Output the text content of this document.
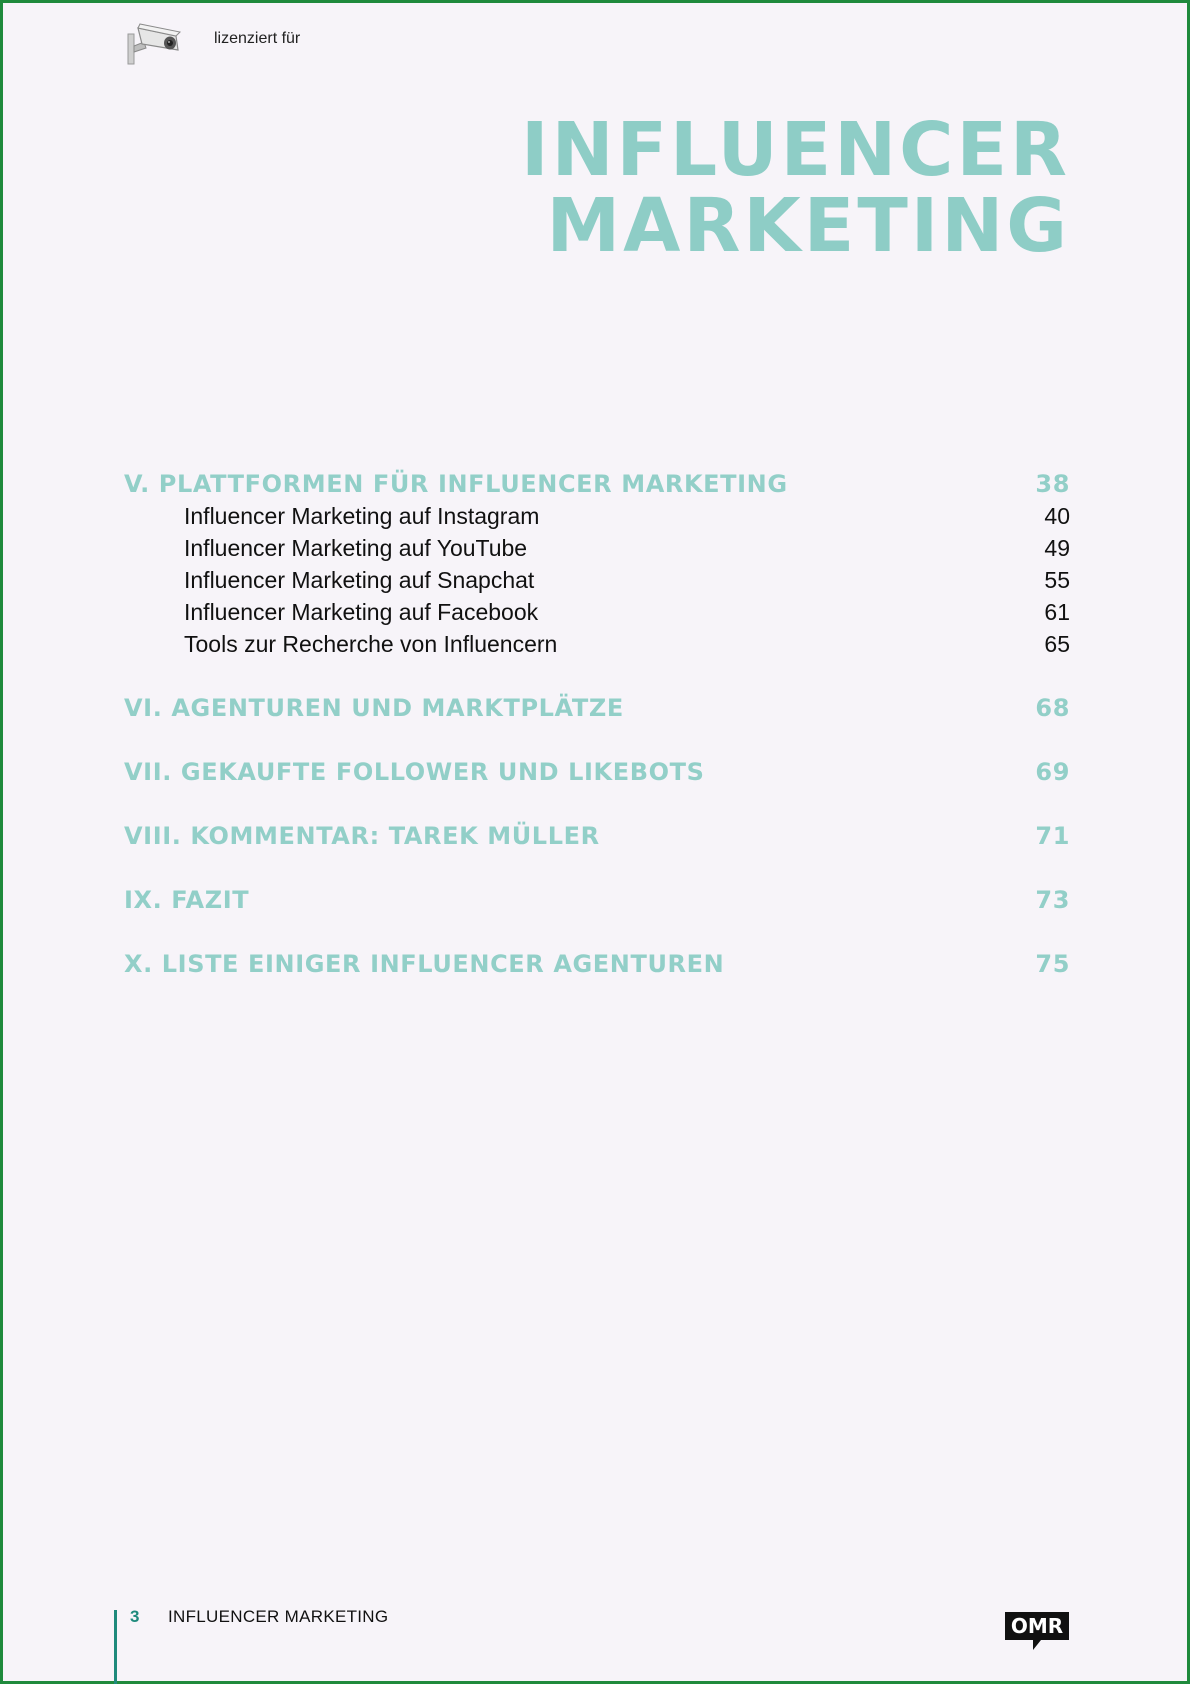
lizenziert für
INFLUENCER
MARKETING
V. PLATTFORMEN FÜR INFLUENCER MARKETING	38
Influencer Marketing auf Instagram	40
Influencer Marketing auf YouTube	49
Influencer Marketing auf Snapchat	55
Influencer Marketing auf Facebook	61
Tools zur Recherche von Influencern	65
VI. AGENTUREN UND MARKTPLÄTZE	68
VII. GEKAUFTE FOLLOWER UND LIKEBOTS	69
VIII. KOMMENTAR: TAREK MÜLLER	71
IX. FAZIT	73
X. LISTE EINIGER INFLUENCER AGENTUREN	75
3 INFLUENCER MARKETING	OMR
